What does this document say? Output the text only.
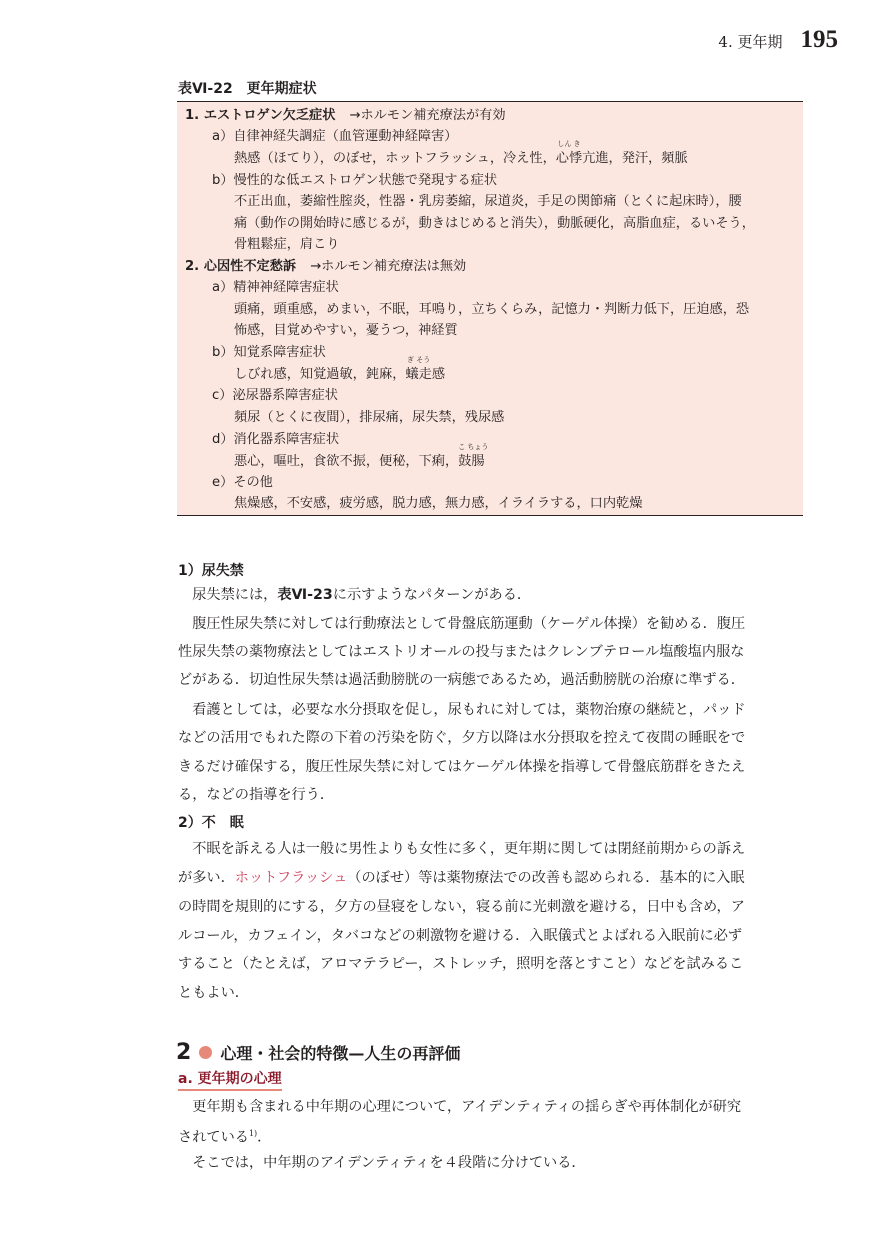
4. 更年期 195
表Ⅵ-22　更年期症状
1. エストロゲン欠乏症状 →ホルモン補充療法が有効
a）自律神経失調症（血管運動神経障害）
熱感（ほてり），のぼせ，ホットフラッシュ，冷え性，心悸
しん き
亢進，発汗，頻脈
b）慢性的な低エストロゲン状態で発現する症状
不正出血，萎縮性腟炎，性器・乳房萎縮，尿道炎，手足の関節痛（とくに起床時），腰
痛（動作の開始時に感じるが，動きはじめると消失），動脈硬化，高脂血症，るいそう，
骨粗鬆症，肩こり
2. 心因性不定愁訴 →ホルモン補充療法は無効
a）精神神経障害症状
頭痛，頭重感，めまい，不眠，耳鳴り，立ちくらみ，記憶力・判断力低下，圧迫感，恐
怖感，目覚めやすい，憂うつ，神経質
b）知覚系障害症状
しびれ感，知覚過敏，鈍麻，蟻走
ぎ そう
感
c）泌尿器系障害症状
頻尿（とくに夜間），排尿痛，尿失禁，残尿感
d）消化器系障害症状
悪心，嘔吐，食欲不振，便秘，下痢，鼓腸
こ ちょう
e）その他
焦燥感，不安感，疲労感，脱力感，無力感，イライラする，口内乾燥
1）尿失禁
　尿失禁には，表Ⅵ-23に示すようなパターンがある．
　腹圧性尿失禁に対しては行動療法として骨盤底筋運動（ケーゲル体操）を勧める．腹圧
性尿失禁の薬物療法としてはエストリオールの投与またはクレンブテロール塩酸塩内服な
どがある．切迫性尿失禁は過活動膀胱の一病態であるため，過活動膀胱の治療に準ずる．
　看護としては，必要な水分摂取を促し，尿もれに対しては，薬物治療の継続と，パッド
などの活用でもれた際の下着の汚染を防ぐ，夕方以降は水分摂取を控えて夜間の睡眠をで
きるだけ確保する，腹圧性尿失禁に対してはケーゲル体操を指導して骨盤底筋群をきたえ
る，などの指導を行う．
2）不　眠
　不眠を訴える人は一般に男性よりも女性に多く，更年期に関しては閉経前期からの訴え
が多い．ホットフラッシュ（のぼせ）等は薬物療法での改善も認められる．基本的に入眠
の時間を規則的にする，夕方の昼寝をしない，寝る前に光刺激を避ける，日中も含め，ア
ルコール，カフェイン，タバコなどの刺激物を避ける．入眠儀式とよばれる入眠前に必ず
すること（たとえば，アロマテラピー，ストレッチ，照明を落とすこと）などを試みるこ
ともよい．
2 心理・社会的特徴—人生の再評価
a. 更年期の心理
　更年期も含まれる中年期の心理について，アイデンティティの揺らぎや再体制化が研究
されている$^{1)}$．
　そこでは，中年期のアイデンティティを４段階に分けている．
